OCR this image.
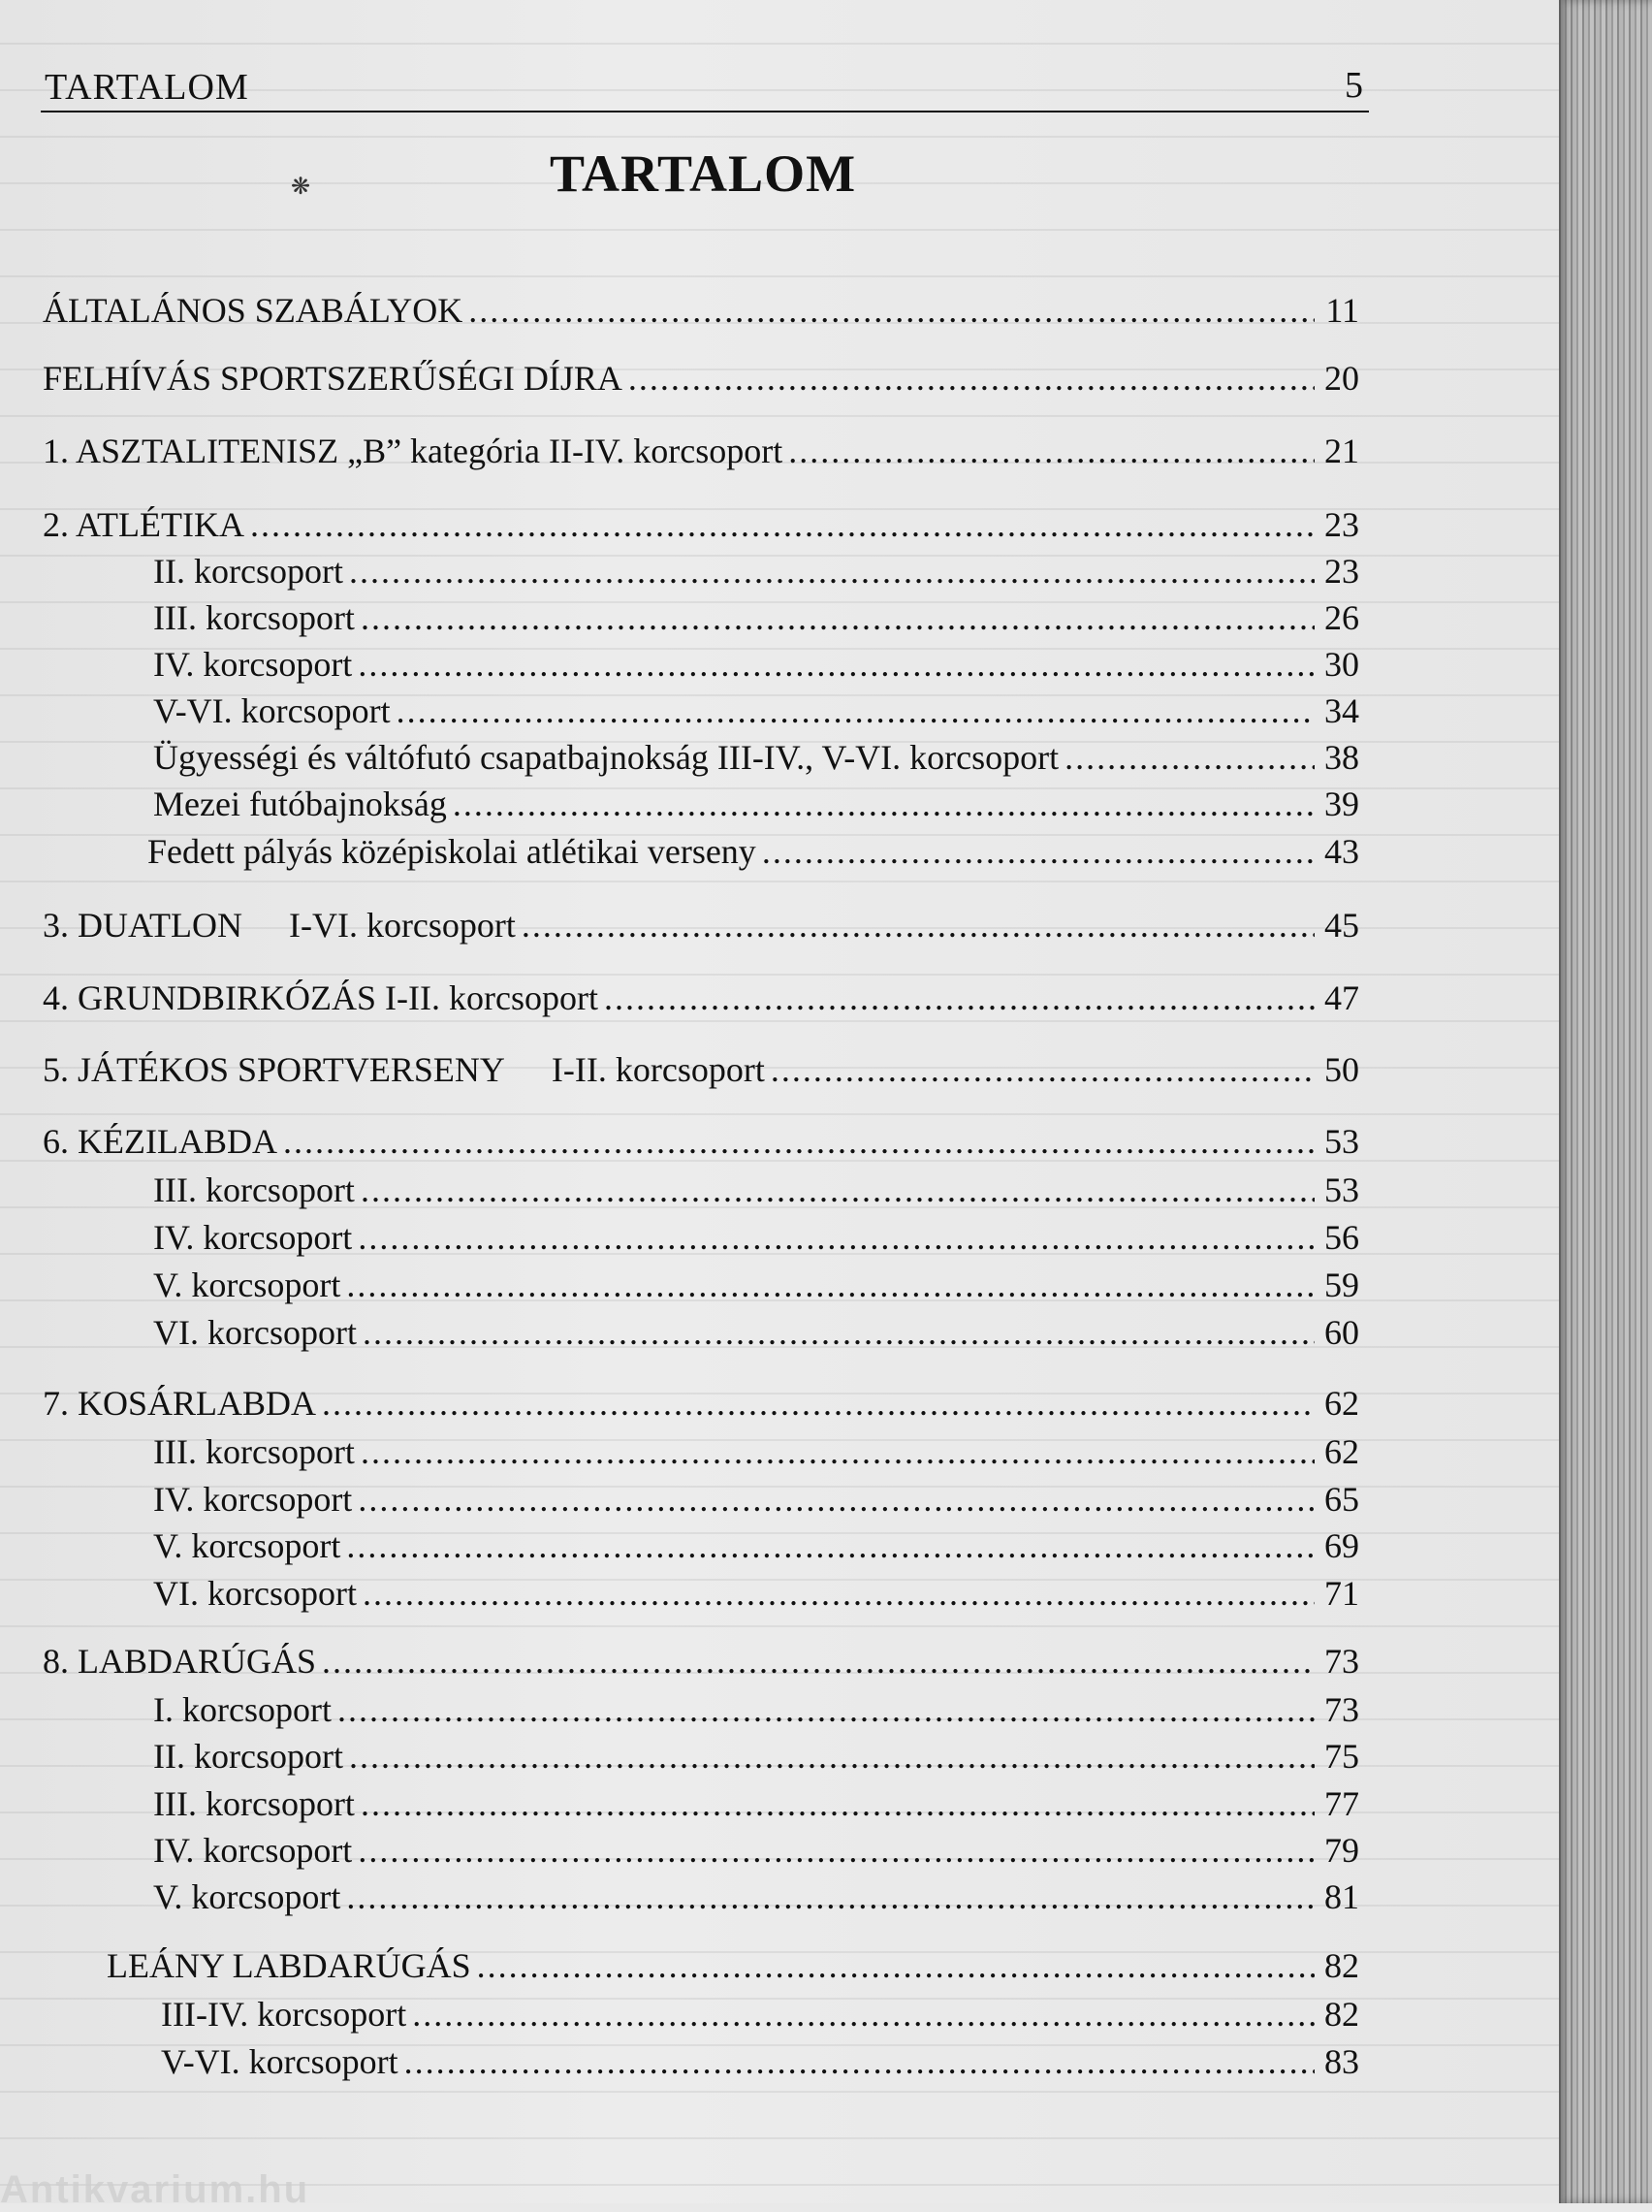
TARTALOM	5
❋	TARTALOM
ÁLTALÁNOS SZABÁLYOK .....	11
FELHÍVÁS SPORTSZERŰSÉGI DÍJRA .....	20
1. ASZTALITENISZ „B” kategória II-IV. korcsoport .....	21
2. ATLÉTIKA .....	23
II. korcsoport .....	23
III. korcsoport .....	26
IV. korcsoport .....	30
V-VI. korcsoport .....	34
Ügyességi és váltófutó csapatbajnokság III-IV., V-VI. korcsoport .....	38
Mezei futóbajnokság .....	39
Fedett pályás középiskolai atlétikai verseny .....	43
3. DUATLON I-VI. korcsoport .....	45
4. GRUNDBIRKÓZÁS I-II. korcsoport .....	47
5. JÁTÉKOS SPORTVERSENY I-II. korcsoport .....	50
6. KÉZILABDA .....	53
III. korcsoport .....	53
IV. korcsoport .....	56
V. korcsoport .....	59
VI. korcsoport .....	60
7. KOSÁRLABDA .....	62
III. korcsoport .....	62
IV. korcsoport .....	65
V. korcsoport .....	69
VI. korcsoport .....	71
8. LABDARÚGÁS .....	73
I. korcsoport .....	73
II. korcsoport .....	75
III. korcsoport .....	77
IV. korcsoport .....	79
V. korcsoport .....	81
LEÁNY LABDARÚGÁS .....	82
III-IV. korcsoport .....	82
V-VI. korcsoport .....	83
Antikvarium.hu
